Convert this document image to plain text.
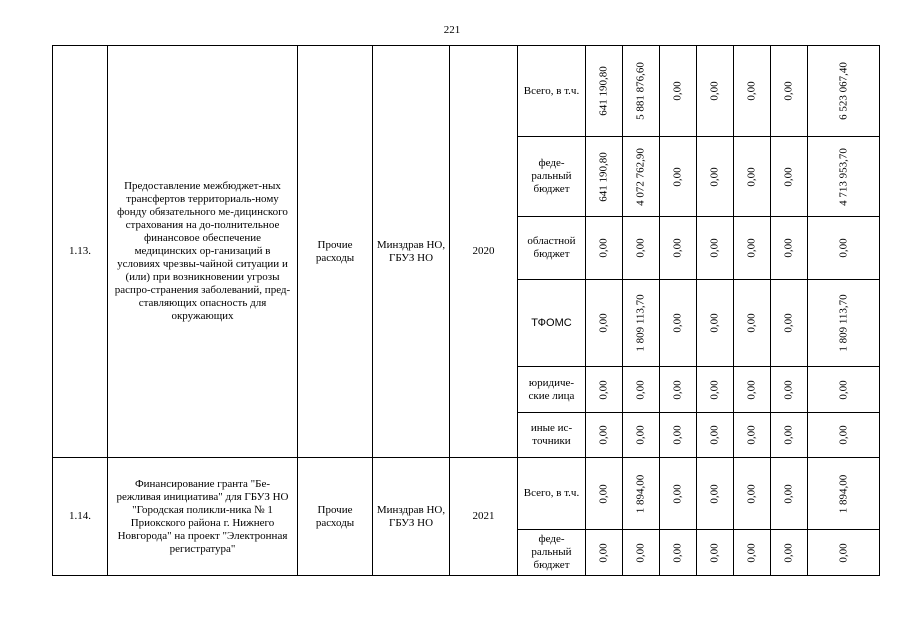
221
1.13.	Предоставление межбюджет-ных трансфертов территориаль-ному фонду обязательного ме-дицинского страхования на до-полнительное финансовое обеспечение медицинских ор-ганизаций в условиях чрезвы-чайной ситуации и (или) при возникновении угрозы распро-странения заболеваний, пред-ставляющих опасность для окружающих	Прочие расходы	Минздрав НО, ГБУЗ НО	2020	Всего, в т.ч.	641 190,80	5 881 876,60	0,00	0,00	0,00	0,00	6 523 067,40

					феде-ральный бюджет	641 190,80	4 072 762,90	0,00	0,00	0,00	0,00	4 713 953,70

					областной бюджет	0,00	0,00	0,00	0,00	0,00	0,00	0,00

					ТФОМС	0,00	1 809 113,70	0,00	0,00	0,00	0,00	1 809 113,70

					юридиче-ские лица	0,00	0,00	0,00	0,00	0,00	0,00	0,00

					иные ис-точники	0,00	0,00	0,00	0,00	0,00	0,00	0,00

1.14.	Финансирование гранта "Бе-режливая инициатива" для ГБУЗ НО "Городская поликли-ника № 1 Приокского района г. Нижнего Новгорода" на проект "Электронная регистратура"	Прочие расходы	Минздрав НО, ГБУЗ НО	2021	Всего, в т.ч.	0,00	1 894,00	0,00	0,00	0,00	0,00	1 894,00

					феде-ральный бюджет	0,00	0,00	0,00	0,00	0,00	0,00	0,00
